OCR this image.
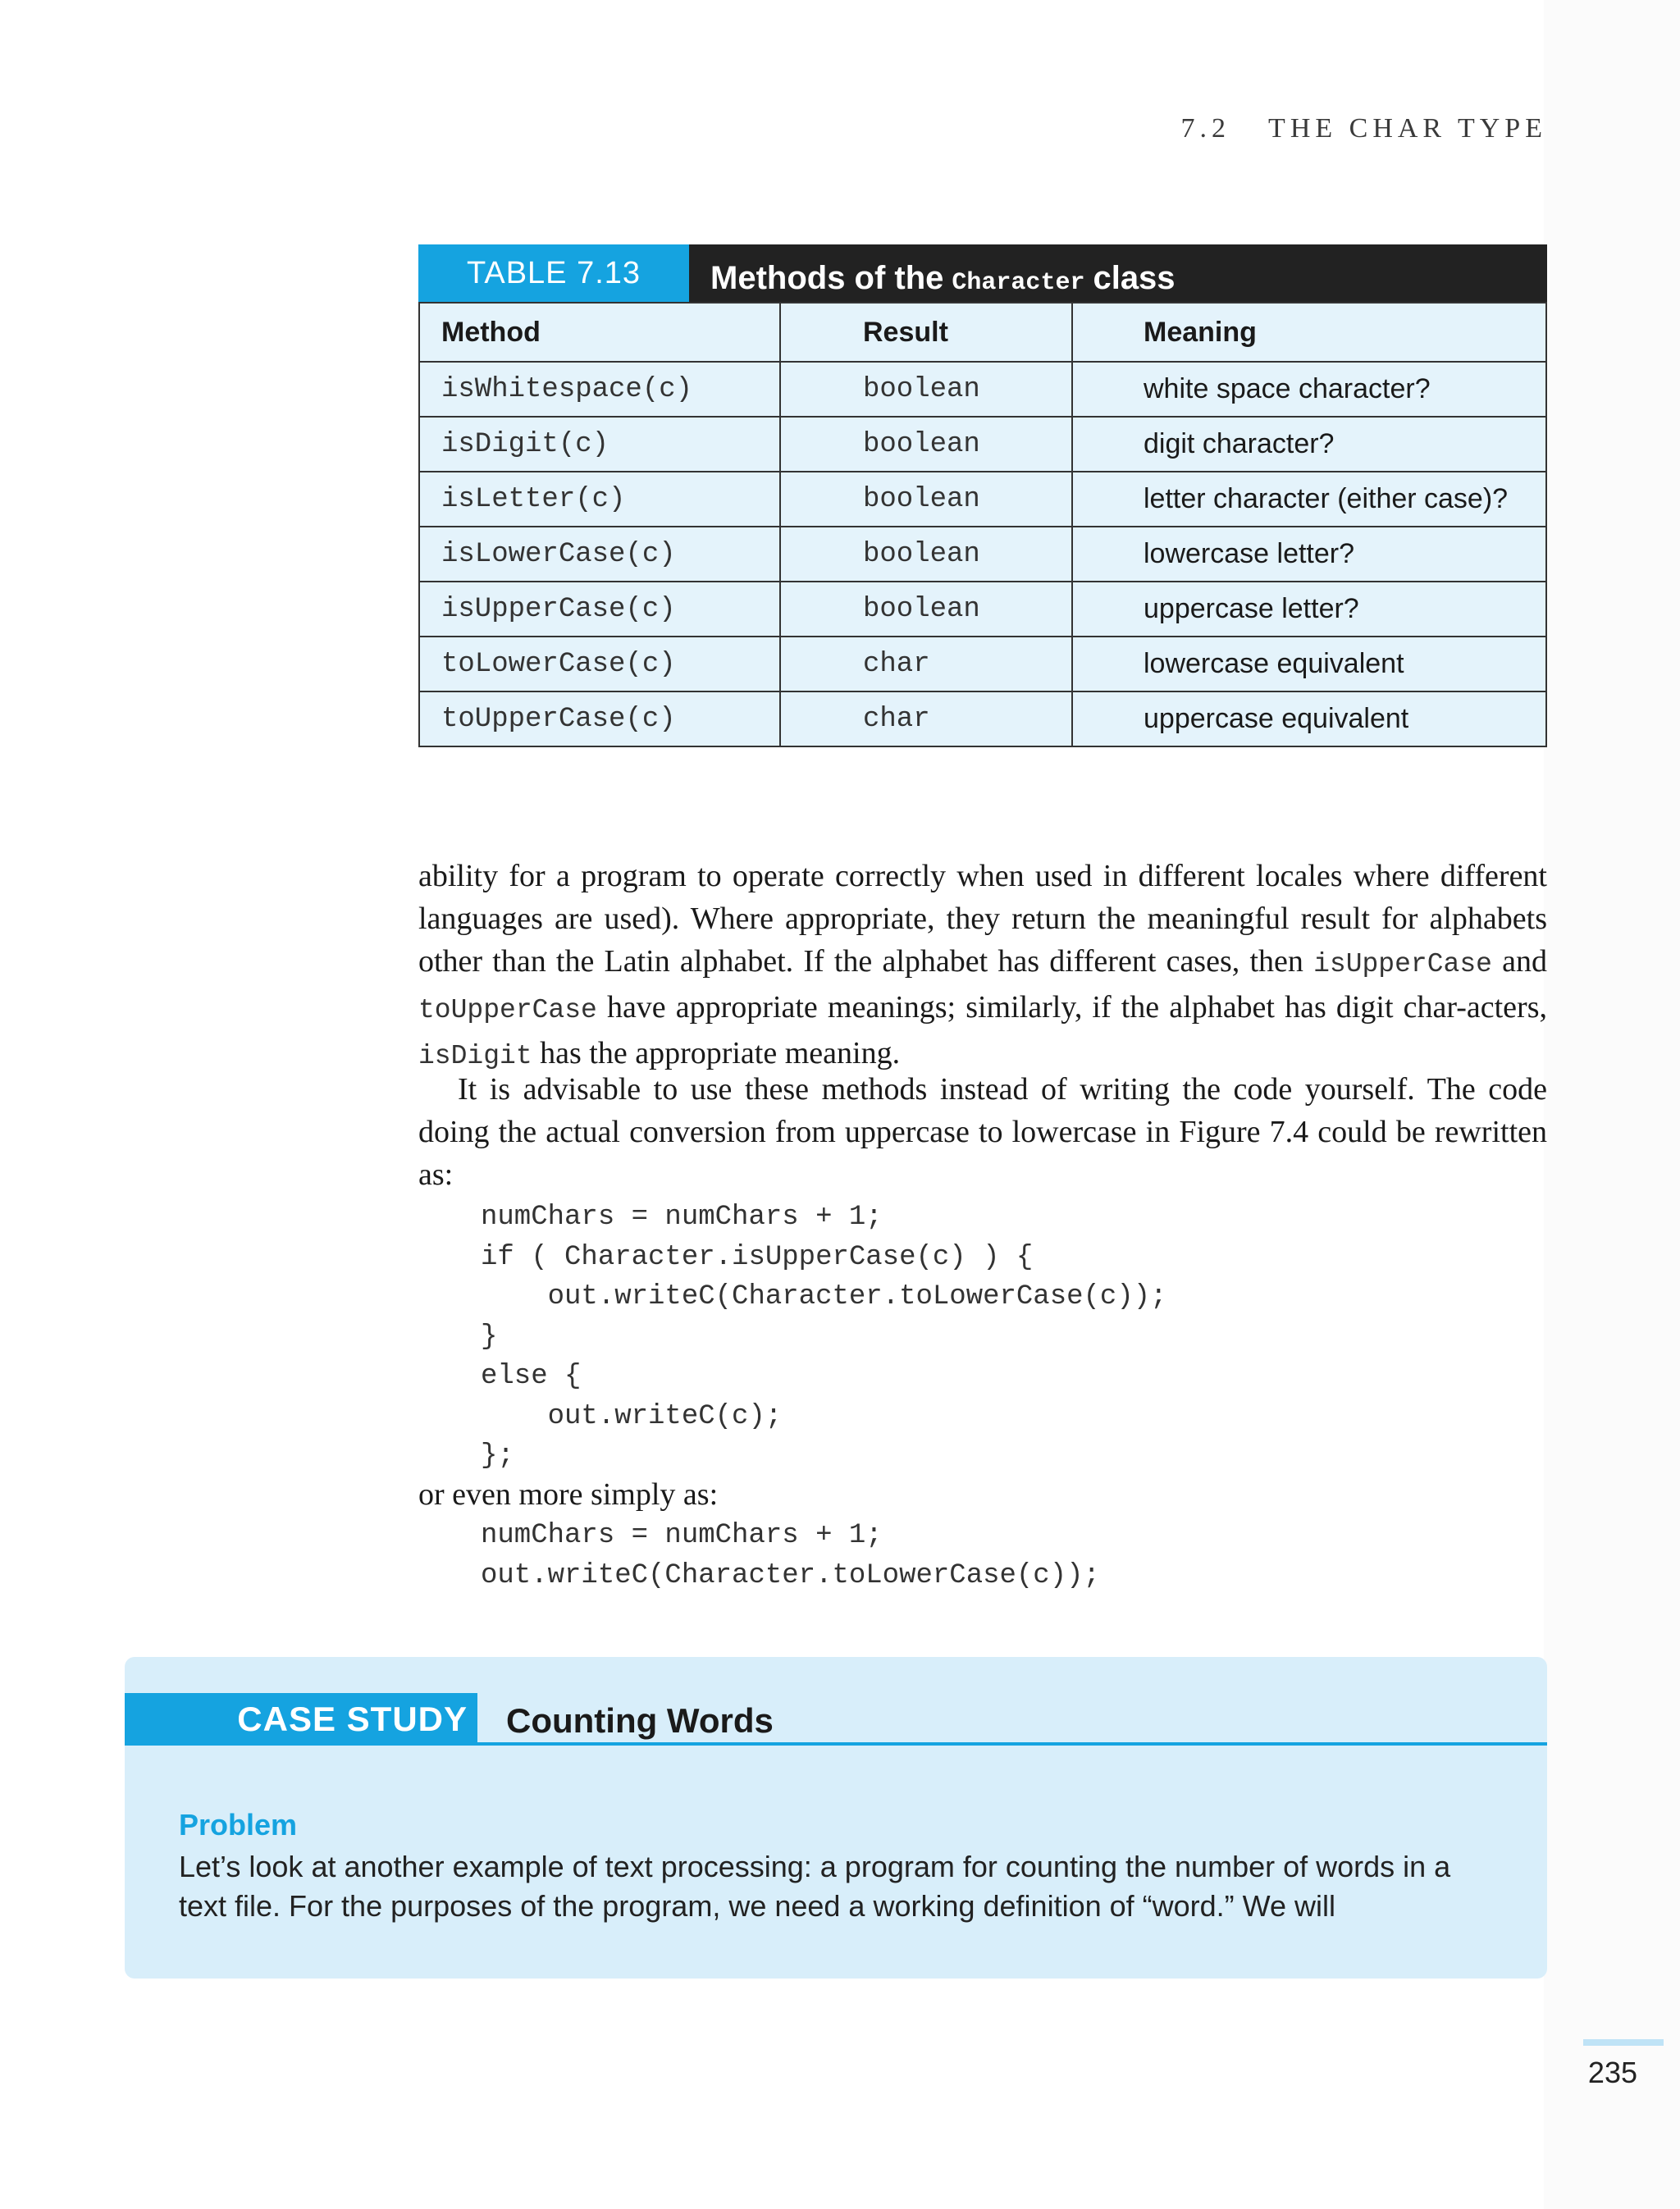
7.2 THE CHAR TYPE
TABLE 7.13	Methods of the Character class
Method	Result	Meaning
isWhitespace(c)	boolean	white space character?
isDigit(c)	boolean	digit character?
isLetter(c)	boolean	letter character (either case)?
isLowerCase(c)	boolean	lowercase letter?
isUpperCase(c)	boolean	uppercase letter?
toLowerCase(c)	char	lowercase equivalent
toUpperCase(c)	char	uppercase equivalent

ability for a program to operate correctly when used in different locales where different languages are used). Where appropriate, they return the meaningful result for alphabets other than the Latin alphabet. If the alphabet has different cases, then isUpperCase and toUpperCase have appropriate meanings; similarly, if the alphabet has digit char-acters, isDigit has the appropriate meaning.

It is advisable to use these methods instead of writing the code yourself. The code doing the actual conversion from uppercase to lowercase in Figure 7.4 could be rewritten as:

numChars = numChars + 1;
if ( Character.isUpperCase(c) ) {
out.writeC(Character.toLowerCase(c));
}
else {
out.writeC(c);
};

or even more simply as:

numChars = numChars + 1;
out.writeC(Character.toLowerCase(c));
CASE STUDY Counting Words
Problem

Let’s look at another example of text processing: a program for counting the number of words in a text file. For the purposes of the program, we need a working definition of “word.” We will

235
